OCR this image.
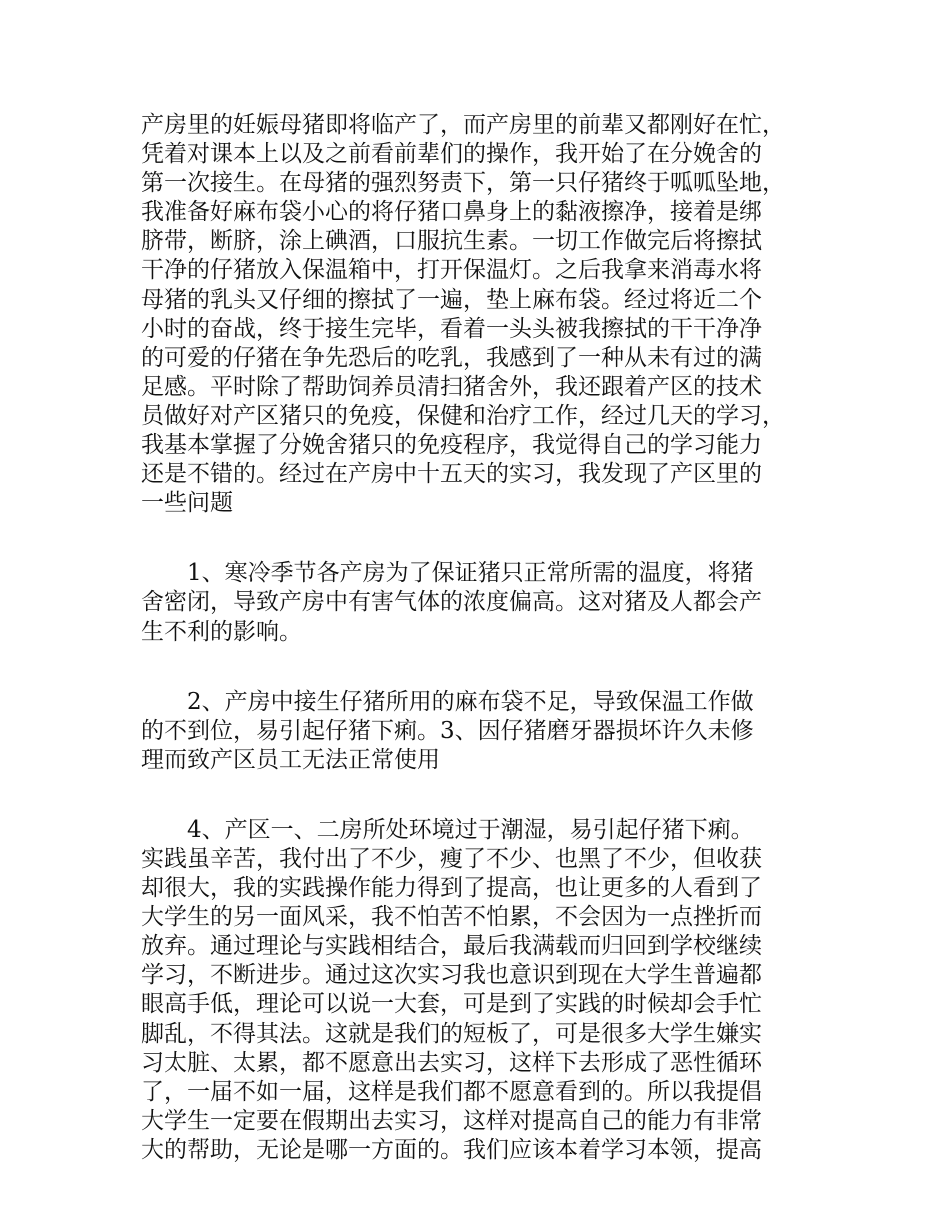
产房里的妊娠母猪即将临产了，而产房里的前辈又都刚好在忙，
凭着对课本上以及之前看前辈们的操作，我开始了在分娩舍的
第一次接生。在母猪的强烈努责下，第一只仔猪终于呱呱坠地，
我准备好麻布袋小心的将仔猪口鼻身上的黏液擦净，接着是绑
脐带，断脐，涂上碘酒，口服抗生素。一切工作做完后将擦拭
干净的仔猪放入保温箱中，打开保温灯。之后我拿来消毒水将
母猪的乳头又仔细的擦拭了一遍，垫上麻布袋。经过将近二个
小时的奋战，终于接生完毕，看着一头头被我擦拭的干干净净
的可爱的仔猪在争先恐后的吃乳，我感到了一种从未有过的满
足感。平时除了帮助饲养员清扫猪舍外，我还跟着产区的技术
员做好对产区猪只的免疫，保健和治疗工作，经过几天的学习，
我基本掌握了分娩舍猪只的免疫程序，我觉得自己的学习能力
还是不错的。经过在产房中十五天的实习，我发现了产区里的
一些问题
1、寒冷季节各产房为了保证猪只正常所需的温度，将猪
舍密闭，导致产房中有害气体的浓度偏高。这对猪及人都会产
生不利的影响。
2、产房中接生仔猪所用的麻布袋不足，导致保温工作做
的不到位，易引起仔猪下痢。3、因仔猪磨牙器损坏许久未修
理而致产区员工无法正常使用
4、产区一、二房所处环境过于潮湿，易引起仔猪下痢。
实践虽辛苦，我付出了不少，瘦了不少、也黑了不少，但收获
却很大，我的实践操作能力得到了提高，也让更多的人看到了
大学生的另一面风采，我不怕苦不怕累，不会因为一点挫折而
放弃。通过理论与实践相结合，最后我满载而归回到学校继续
学习，不断进步。通过这次实习我也意识到现在大学生普遍都
眼高手低，理论可以说一大套，可是到了实践的时候却会手忙
脚乱，不得其法。这就是我们的短板了，可是很多大学生嫌实
习太脏、太累，都不愿意出去实习，这样下去形成了恶性循环
了，一届不如一届，这样是我们都不愿意看到的。所以我提倡
大学生一定要在假期出去实习，这样对提高自己的能力有非常
大的帮助，无论是哪一方面的。我们应该本着学习本领，提高
